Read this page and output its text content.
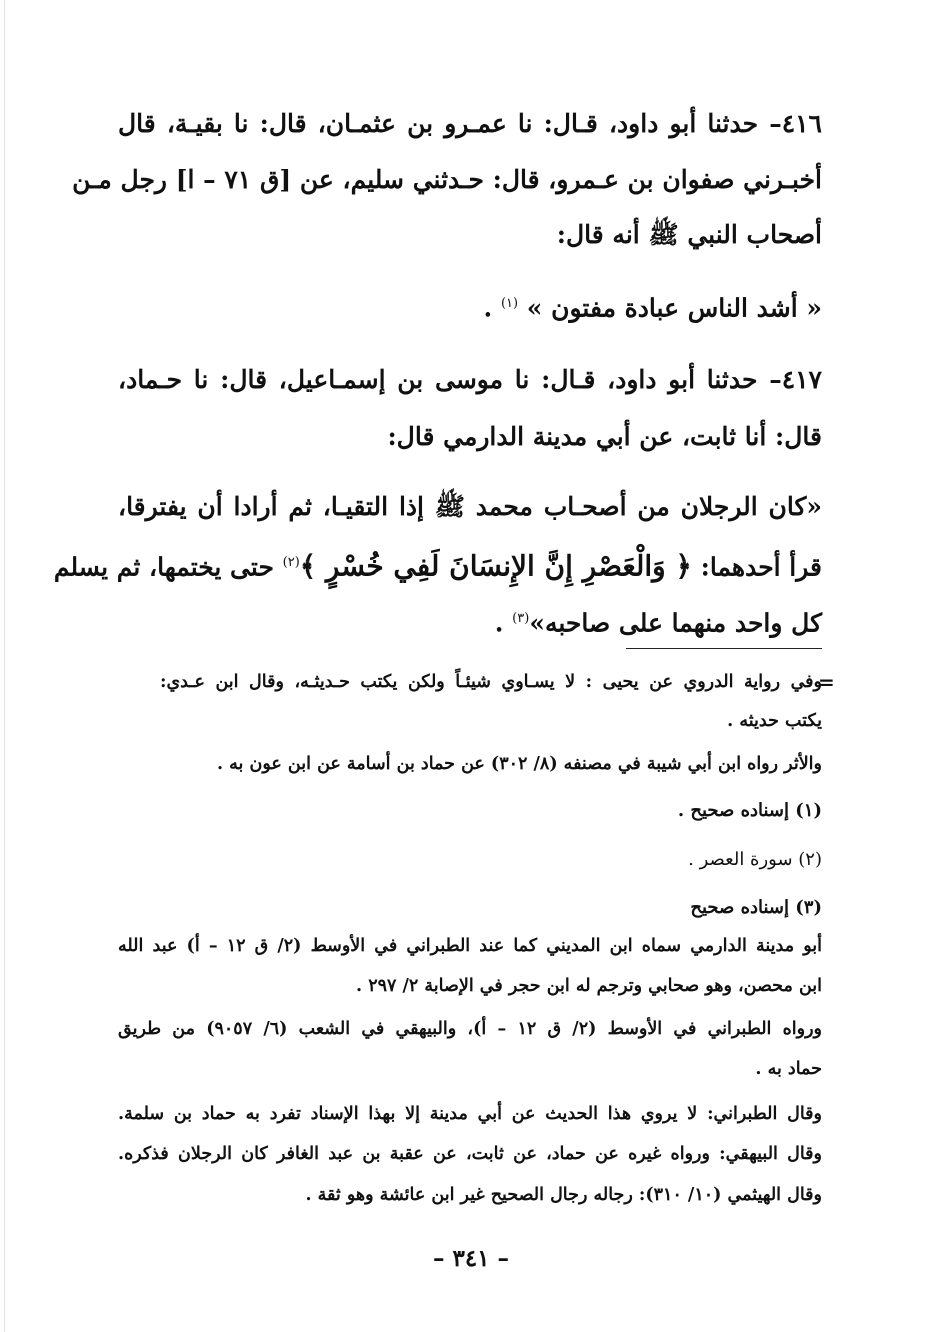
٤١٦– حدثنا أبو داود، قـال: نا عمـرو بن عثمـان، قال: نا بقيـة، قال
أخبـرني صفوان بن عـمرو، قال: حـدثني سليم، عن [ق ٧١ – ا] رجل مـن
أصحاب النبي ﷺ أنه قال:
« أشد الناس عبادة مفتون » $^{(١)}$ .
٤١٧– حدثنا أبو داود، قـال: نا موسى بن إسمـاعيل، قال: نا حـماد،
قال: أنا ثابت، عن أبي مدينة الدارمي قال:
«كان الرجلان من أصحـاب محمد ﷺ إذا التقيـا، ثم أرادا أن يفترقا،
قرأ أحدهما: ﴿ وَالْعَصْرِ إِنَّ الإِنسَانَ لَفِي خُسْرٍ ﴾$^{(٢)}$ حتى يختمها، ثم يسلم
كل واحد منهما على صاحبه»$^{(٣)}$ .
=
وفي رواية الدروي عن يحيى : لا يسـاوي شيئـاً ولكن يكتب حـديثـه، وقال ابن عـدي:
يكتب حديثه .
والأثر رواه ابن أبي شيبة في مصنفه (٨/ ٣٠٢) عن حماد بن أسامة عن ابن عون به .
(١) إسناده صحيح .
(٢) سورة العصر .
(٣) إسناده صحيح
أبو مدينة الدارمي سماه ابن المديني كما عند الطبراني في الأوسط (٢/ ق ١٢ – أ) عبد الله
ابن محصن، وهو صحابي وترجم له ابن حجر في الإصابة ٢/ ٢٩٧ .
ورواه الطبراني في الأوسط (٢/ ق ١٢ – أ)، والبيهقي في الشعب (٦/ ٩٠٥٧) من طريق
حماد به .
وقال الطبراني: لا يروي هذا الحديث عن أبي مدينة إلا بهذا الإسناد تفرد به حماد بن سلمة.
وقال البيهقي: ورواه غيره عن حماد، عن ثابت، عن عقبة بن عبد الغافر كان الرجلان فذكره.
وقال الهيثمي (١٠/ ٣١٠): رجاله رجال الصحيح غير ابن عائشة وهو ثقة .
– ٣٤١ –
